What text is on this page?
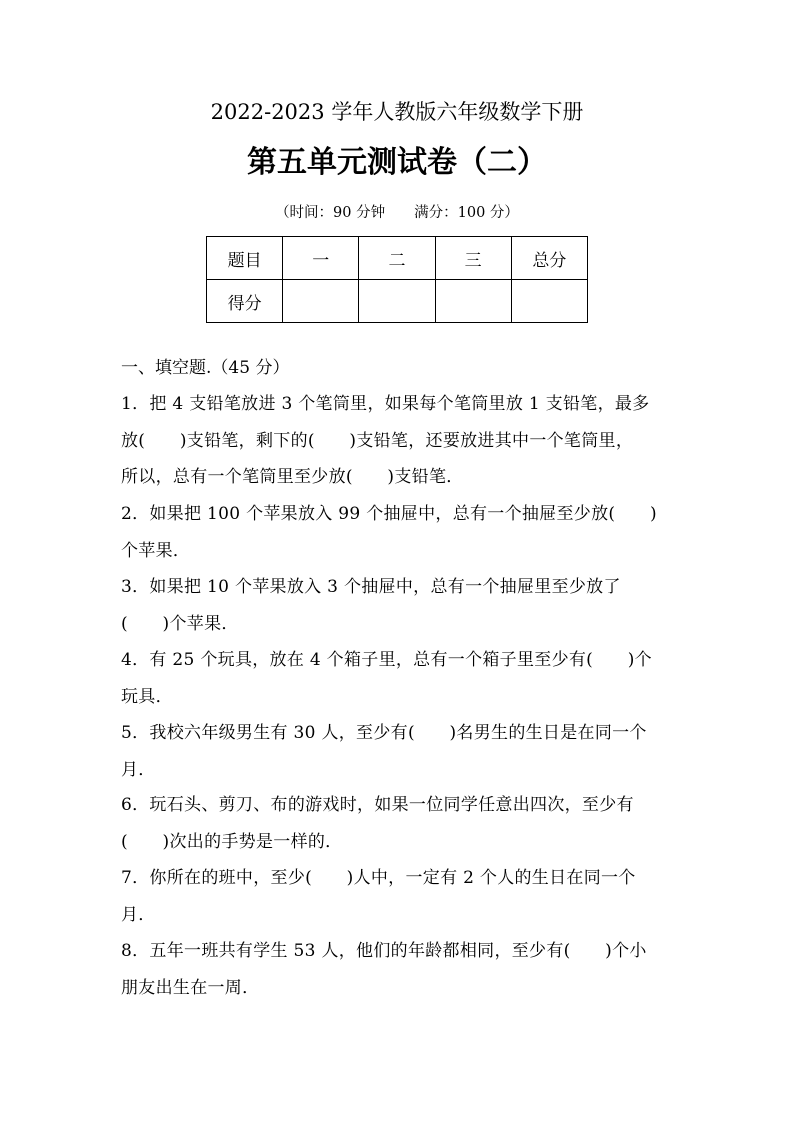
2022-2023 学年人教版六年级数学下册
第五单元测试卷（二）
（时间：90 分钟　　满分：100 分）
题目	一	二	三	总分
得分				
一、填空题.（45 分）
1．把 4 支铅笔放进 3 个笔筒里，如果每个笔筒里放 1 支铅笔，最多
放(　　)支铅笔，剩下的(　　)支铅笔，还要放进其中一个笔筒里，
所以，总有一个笔筒里至少放(　　)支铅笔．
2．如果把 100 个苹果放入 99 个抽屉中，总有一个抽屉至少放(　　)
个苹果．
3．如果把 10 个苹果放入 3 个抽屉中，总有一个抽屉里至少放了
(　　)个苹果．
4．有 25 个玩具，放在 4 个箱子里，总有一个箱子里至少有(　　)个
玩具．
5．我校六年级男生有 30 人，至少有(　　)名男生的生日是在同一个
月．
6．玩石头、剪刀、布的游戏时，如果一位同学任意出四次，至少有
(　　)次出的手势是一样的．
7．你所在的班中，至少(　　)人中，一定有 2 个人的生日在同一个
月．
8．五年一班共有学生 53 人，他们的年龄都相同，至少有(　　)个小
朋友出生在一周．
